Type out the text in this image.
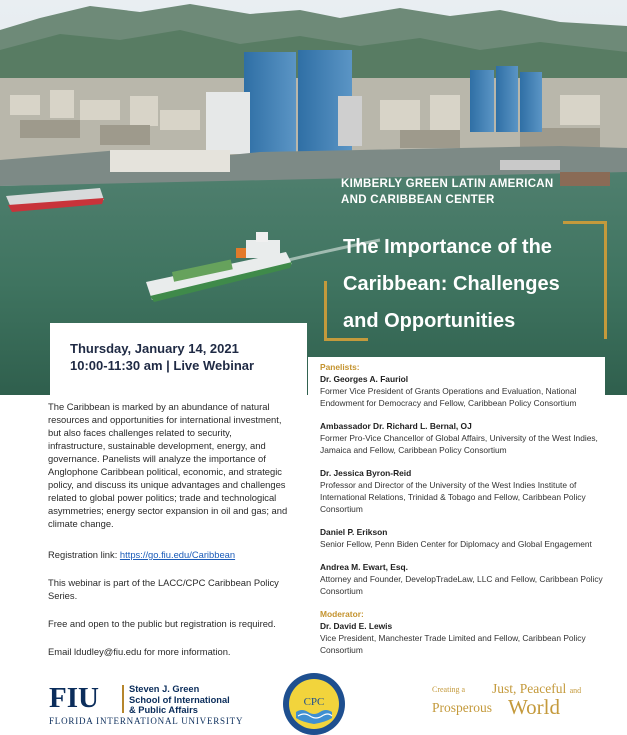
KIMBERLY GREEN LATIN AMERICAN
AND CARIBBEAN CENTER
The Importance of the
Caribbean: Challenges
and Opportunities
Thursday, January 14, 2021
10:00-11:30 am | Live Webinar	Panelists:
Dr. Georges A. Fauriol
Former Vice President of Grants Operations and Evaluation, National Endowment for Democracy and Fellow, Caribbean Policy Consortium
Ambassador Dr. Richard L. Bernal, OJ
Former Pro-Vice Chancellor of Global Affairs, University of the West Indies, Jamaica and Fellow, Caribbean Policy Consortium
Dr. Jessica Byron-Reid
Professor and Director of the University of the West Indies Institute of International Relations, Trinidad & Tobago and Fellow, Caribbean Policy Consortium
Daniel P. Erikson
Senior Fellow, Penn Biden Center for Diplomacy and Global Engagement
Andrea M. Ewart, Esq.
Attorney and Founder, DevelopTradeLaw, LLC and Fellow, Caribbean Policy Consortium
Moderator:
Dr. David E. Lewis
Vice President, Manchester Trade Limited and Fellow, Caribbean Policy Consortium

The Caribbean is marked by an abundance of natural resources and opportunities for international investment, but also faces challenges related to security, infrastructure, sustainable development, energy, and governance. Panelists will analyze the importance of Anglophone Caribbean political, economic, and strategic policy, and discuss its unique advantages and challenges related to global power politics; trade and technological asymmetries; energy sector expansion in oil and gas; and climate change.

Registration link: https://go.fiu.edu/Caribbean

This webinar is part of the LACC/CPC Caribbean Policy Series.

Free and open to the public but registration is required.

Email ldudley@fiu.edu for more information.

FIU	Steven J. Green
School of International
& Public Affairs
FLORIDA INTERNATIONAL UNIVERSITY
CPC
Creating a Just, Peaceful and
Prosperous World
